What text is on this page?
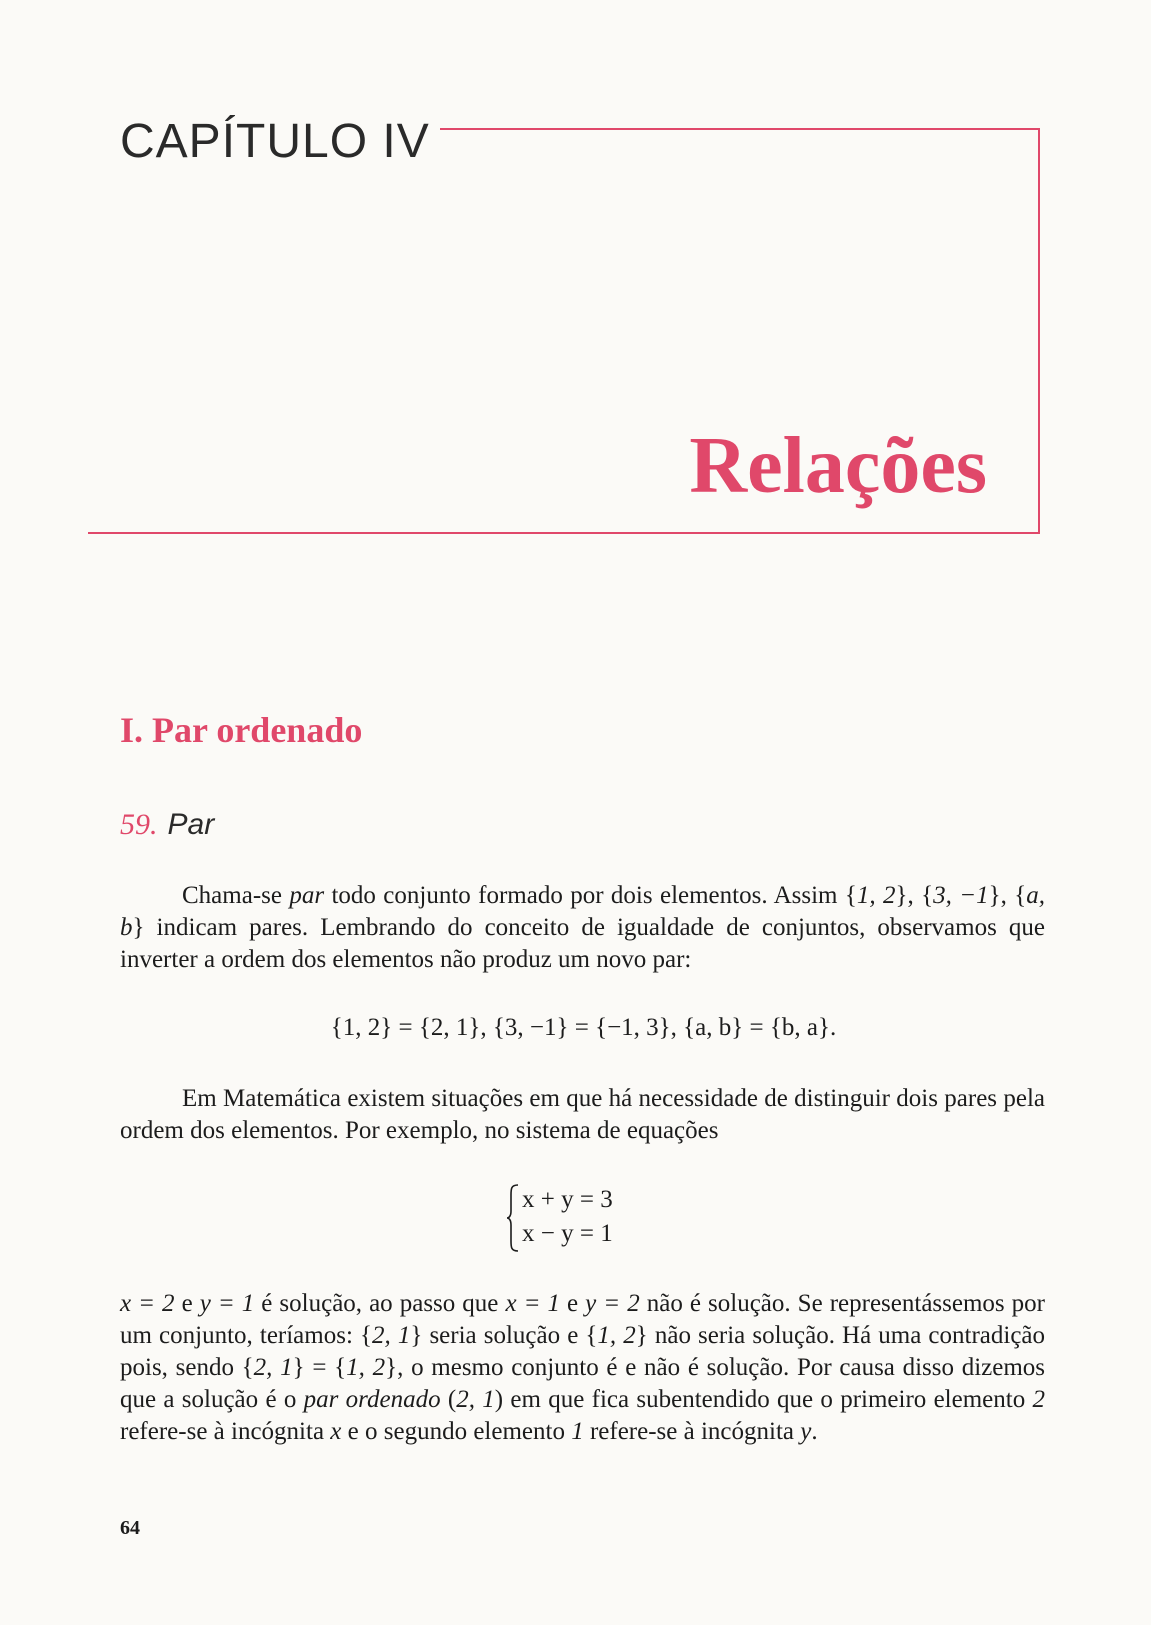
CAPÍTULO IV
Relações
I. Par ordenado
59. Par

Chama-se par todo conjunto formado por dois elementos. Assim {1, 2}, {3, −1}, {a, b} indicam pares. Lembrando do conceito de igualdade de conjuntos, observamos que inverter a ordem dos elementos não produz um novo par:

{1, 2} = {2, 1}, {3, −1} = {−1, 3}, {a, b} = {b, a}.

Em Matemática existem situações em que há necessidade de distinguir dois pares pela ordem dos elementos. Por exemplo, no sistema de equações

x + y = 3
x − y = 1

x = 2 e y = 1 é solução, ao passo que x = 1 e y = 2 não é solução. Se representássemos por um conjunto, teríamos: {2, 1} seria solução e {1, 2} não seria solução. Há uma contradição pois, sendo {2, 1} = {1, 2}, o mesmo conjunto é e não é solução. Por causa disso dizemos que a solução é o par ordenado (2, 1) em que fica subentendido que o primeiro elemento 2 refere-se à incógnita x e o segundo elemento 1 refere-se à incógnita y.

64
